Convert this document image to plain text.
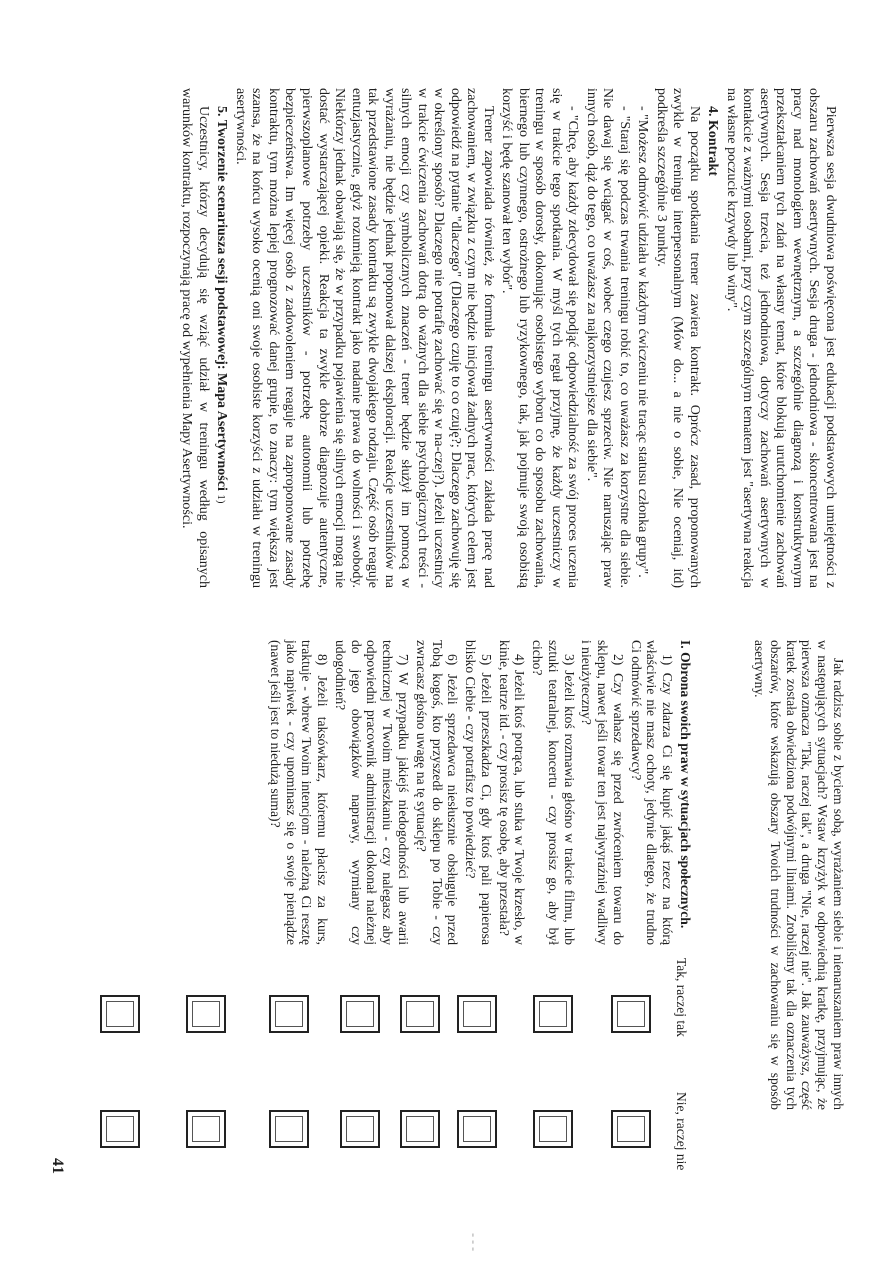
Pierwsza sesja dwudniowa poświęcona jest edukacji podstawowych umiejętności z obszaru zachowań asertywnych. Sesja druga - jednodniowa - skoncentrowana jest na pracy nad monologiem wewnętrznym, a szczególnie diagnozą i konstruktywnym przekształcaniem tych zdań na własny temat, które blokują urutchomienie zachowań asertywnych. Sesja trzecia, też jednodniowa, dotyczy zachowań asertywnych w kontakcie z ważnymi osobami, przy czym szczególnym tematem jest "asertywna reakcja na własne poczucie krzywdy lub winy".

4. Kontrakt

Na początku spotkania trener zawiera kontrakt. Oprócz zasad, proponowanych zwykle w treningu interpersonalnym (Mów do... a nie o sobie, Nie oceniaj, itd) podkreśla szczególnie 3 punkty.

- "Możesz odmówić udziału w każdym ćwiczeniu nie tracąc statusu członka grupy".

- "Staraj się podczas trwania treningu robić to, co uważasz za korzystne dla siebie. Nie dawaj się wciągać w coś, wobec czego czujesz sprzeciw. Nie naruszając praw innych osób, dąż do tego, co uważasz za najkorzystniejsze dla siebie".

- "Chcę, aby każdy zdecydował się podjąć odpowiedzialność za swój proces uczenia się w trakcie tego spotkania. W myśl tych reguł przyjmę, że każdy uczestniczy w treningu w sposób dorosły, dokonując osobistego wyboru co do sposobu zachowania, biernego lub czynnego, ostrożnego lub ryzykownego, tak, jak pojmuje swoją osobistą korzyść i będę szanował ten wybór".

Trener zapowiada również, że formuła treningu asertywności zakłada pracę nad zachowaniem, w związku z czym nie będzie inicjował żadnych prac, których celem jest odpowiedź na pytanie "dlaczego" (Dlaczego czuję to co czuję?; Dlaczego zachowuję się w określony sposób? Dlaczego nie potrafię zachować się w na-czej?). Jeżeli uczestnicy w trakcie ćwiczenia zachowań dotrą do ważnych dla siebie psychologicznych treści - silnych emocji czy symbolicznych znaczeń - trener będzie służył im pomocą w wyrażaniu, nie będzie jednak proponował dalszej eksploracji. Reakcje uczestników na tak przedstawione zasady kontraktu są zwykle dwojakiego rodzaju. Część osób reaguje entuzjastycznie, gdyż rozumieją kontrakt jako nadanie prawa do wolności i swobody. Niektórzy jednak obawiają się, że w przypadku pojawienia się silnych emocji mogą nie dostać wystarczającej opieki. Reakcja ta zwykle dobrze diagnozuje autentyczne, pierwszoplanowe potrzeby uczestników - potrzebę autonomii lub potrzebę bezpieczeństwa. Im więcej osób z zadowoleniem reaguje na zaproponowane zasady kontraktu, tym można lepiej prognozować danej grupie, to znaczy: tym większa jest szansa, że na końcu wysoko ocenią oni swoje osobiste korzyści z udziału w treningu asertywności.

5. Tworzenie scenariusza sesji podstawowej: Mapa Asertywności 1)

Uczestnicy, którzy decydują się wziąć udział w treningu według opisanych warunków kontraktu, rozpoczynają pracę od wypełnienia Mapy Asertywności.

Jak radzisz sobie z byciem sobą, wyrażaniem siebie i nienaruszaniem praw innych w następujących sytuacjach? Wstaw krzyżyk w odpowiednią kratkę, przyjmując, że pierwsza oznacza "Tak, raczej tak", a druga "Nie, raczej nie". Jak zauważysz, część kratek została obwiedziona podwójnymi liniami. Zrobiliśmy tak dla oznaczenia tych obszarów, które wskazują obszary Twoich trudności w zachowaniu się w sposób asertywny.

I. Obrona swoich praw w sytuacjach społecznych.

1) Czy zdarza Ci się kupić jakąś rzecz na którą właściwie nie masz ochoty, jedynie dlatego, że trudno Ci odmówić sprzedawcy?

2) Czy wahasz się przed zwróceniem towaru do sklepu, nawet jeśli towar ten jest najwyraźniej wadliwy i nieużyteczny?

3) Jeżeli ktoś rozmawia głośno w trakcie filmu, lub sztuki teatralnej, koncertu - czy prosisz go, aby był cicho?

4) Jeżeli ktoś potrąca, lub stuka w Twoje krzesło, w kinie, teatrze itd. - czy prosisz tę osobę, aby przestała?

5) Jeżeli przeszkadza Ci, gdy ktoś pali papierosa blisko Ciebie - czy potrafisz to powiedzieć?

6) Jeżeli sprzedawca niesłusznie obsługuje przed Tobą kogoś, kto przyszedł do sklepu po Tobie - czy zwracasz głośno uwagę na tę sytuację?

7) W przypadku jakiejś niedogodności lub awarii technicznej w Twoim mieszkaniu - czy nalegasz aby odpowiedni pracownik administracji dokonał należnej do jego obowiązków naprawy, wymiany czy udogodnień?

8) Jeżeli taksówkarz, któremu płacisz za kurs, traktuje - wbrew Twoim intencjom - należną Ci resztę jako napiwek - czy upominasz się o swoje pieniądze (nawet jeśli jest to niedużą suma)?

Tak, raczej tak
Nie, raczej nie
41
- - -
